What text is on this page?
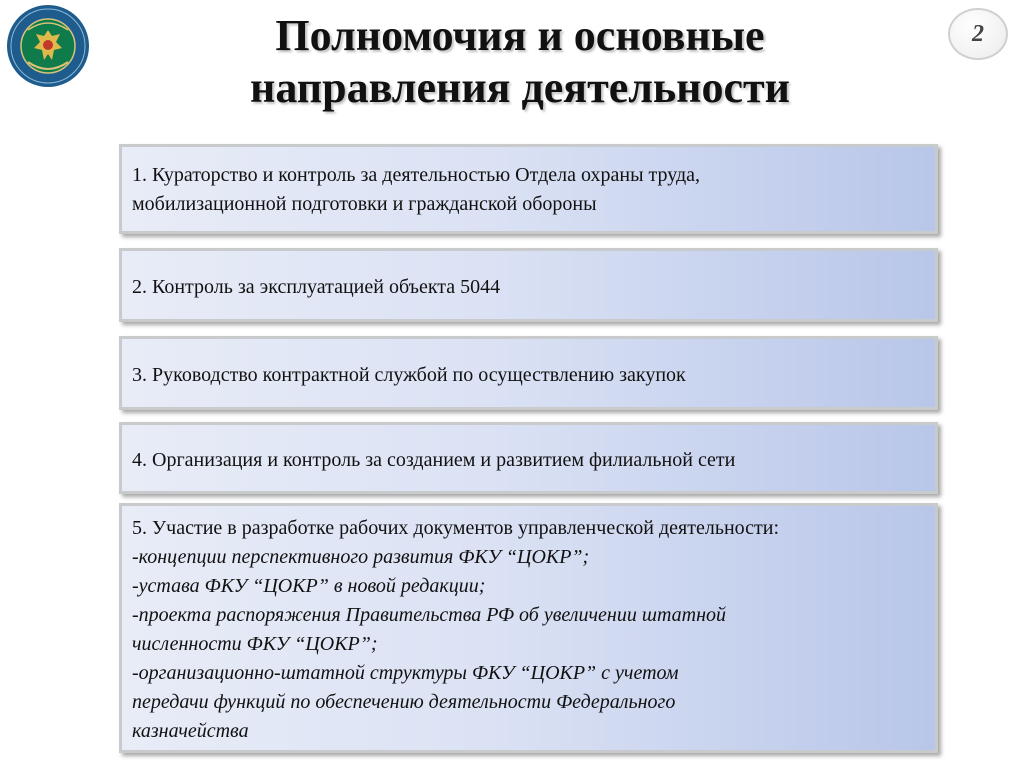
2
Полномочия и основные
направления деятельности
1. Кураторство и контроль за деятельностью Отдела охраны труда,
мобилизационной подготовки и гражданской обороны
2. Контроль за эксплуатацией объекта 5044
3. Руководство контрактной службой по осуществлению закупок
4. Организация и контроль за созданием и развитием филиальной сети
5. Участие в разработке рабочих документов управленческой деятельности:
-концепции перспективного развития ФКУ “ЦОКР”;
-устава ФКУ “ЦОКР” в новой редакции;
-проекта распоряжения Правительства РФ об увеличении штатной
численности ФКУ “ЦОКР”;
-организационно-штатной структуры ФКУ “ЦОКР” с учетом
передачи функций по обеспечению деятельности Федерального
казначейства
